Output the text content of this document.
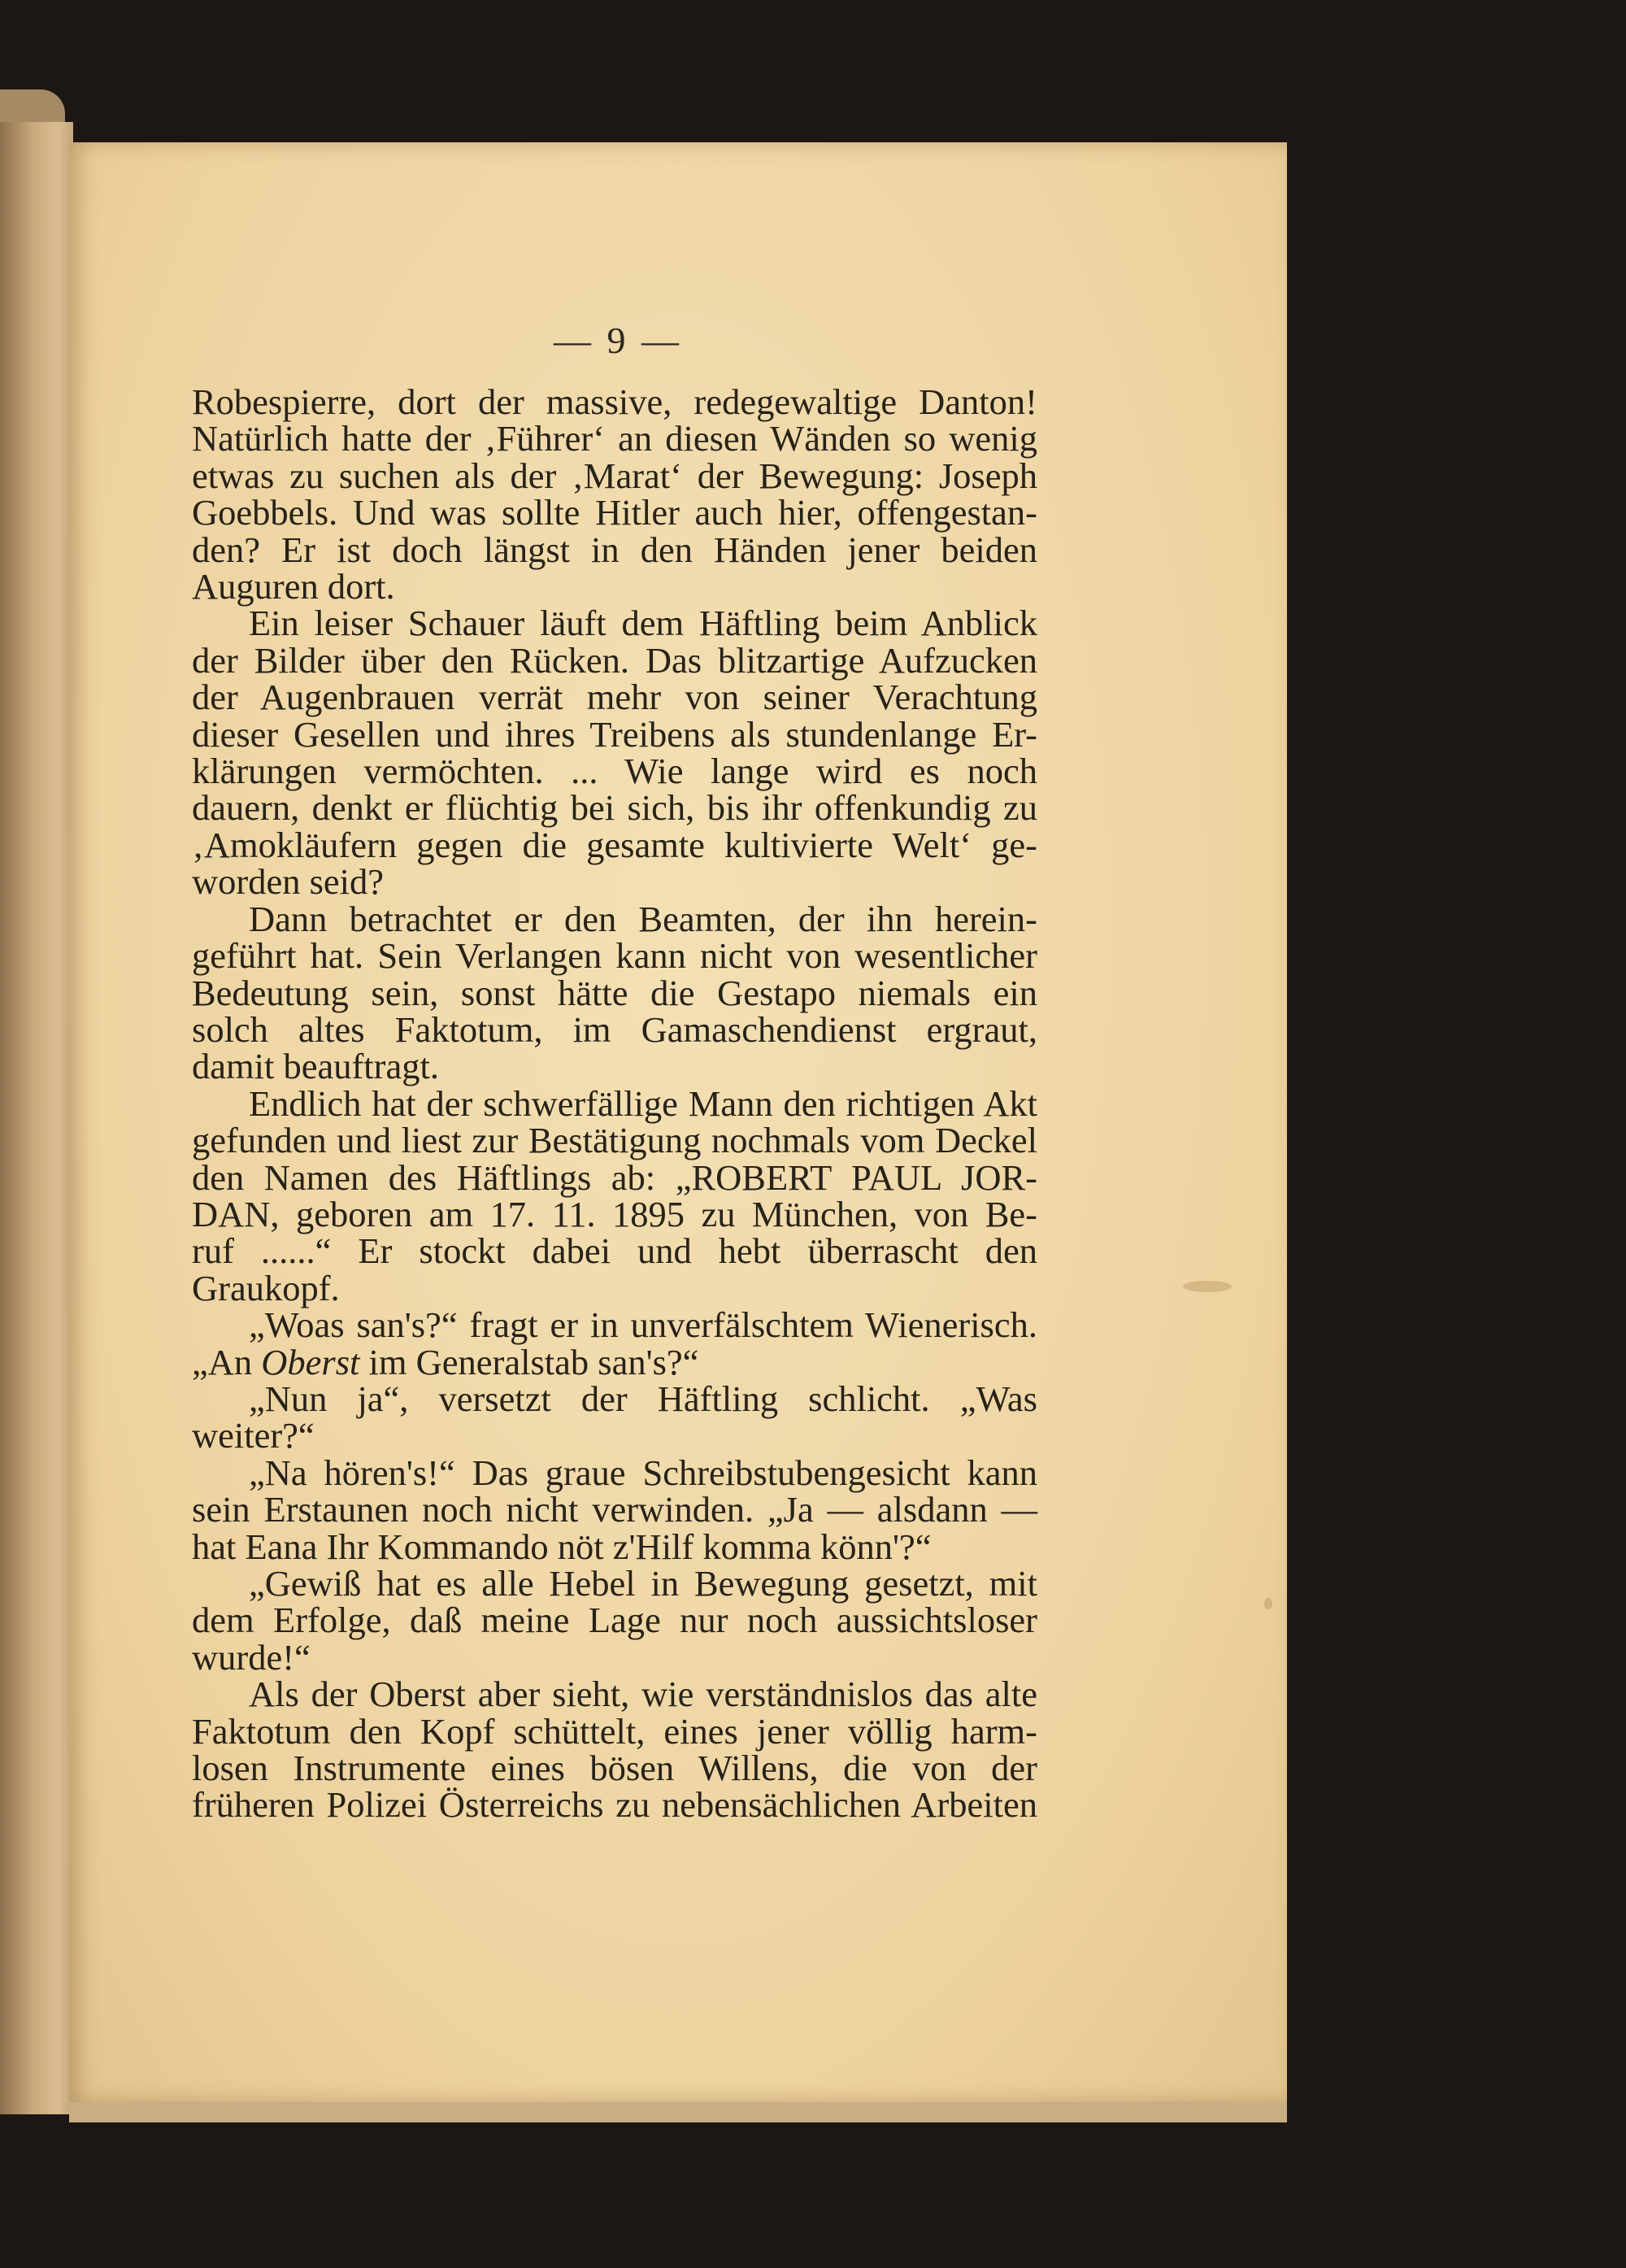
— 9 —
Robespierre, dort der massive, redegewaltige Danton!
Natürlich hatte der ‚Führer‘ an diesen Wänden so wenig
etwas zu suchen als der ‚Marat‘ der Bewegung: Joseph
Goebbels. Und was sollte Hitler auch hier, offengestan-
den? Er ist doch längst in den Händen jener beiden
Auguren dort.
Ein leiser Schauer läuft dem Häftling beim Anblick
der Bilder über den Rücken. Das blitzartige Aufzucken
der Augenbrauen verrät mehr von seiner Verachtung
dieser Gesellen und ihres Treibens als stundenlange Er-
klärungen vermöchten. ... Wie lange wird es noch
dauern, denkt er flüchtig bei sich, bis ihr offenkundig zu
‚Amokläufern gegen die gesamte kultivierte Welt‘ ge-
worden seid?
Dann betrachtet er den Beamten, der ihn herein-
geführt hat. Sein Verlangen kann nicht von wesentlicher
Bedeutung sein, sonst hätte die Gestapo niemals ein
solch altes Faktotum, im Gamaschendienst ergraut,
damit beauftragt.
Endlich hat der schwerfällige Mann den richtigen Akt
gefunden und liest zur Bestätigung nochmals vom Deckel
den Namen des Häftlings ab: „ROBERT PAUL JOR-
DAN, geboren am 17. 11. 1895 zu München, von Be-
ruf ......“ Er stockt dabei und hebt überrascht den
Graukopf.
„Woas san's?“ fragt er in unverfälschtem Wienerisch.
„An Oberst im Generalstab san's?“
„Nun ja“, versetzt der Häftling schlicht. „Was
weiter?“
„Na hören's!“ Das graue Schreibstubengesicht kann
sein Erstaunen noch nicht verwinden. „Ja — alsdann —
hat Eana Ihr Kommando nöt z'Hilf komma könn'?“
„Gewiß hat es alle Hebel in Bewegung gesetzt, mit
dem Erfolge, daß meine Lage nur noch aussichtsloser
wurde!“
Als der Oberst aber sieht, wie verständnislos das alte
Faktotum den Kopf schüttelt, eines jener völlig harm-
losen Instrumente eines bösen Willens, die von der
früheren Polizei Österreichs zu nebensächlichen Arbeiten
